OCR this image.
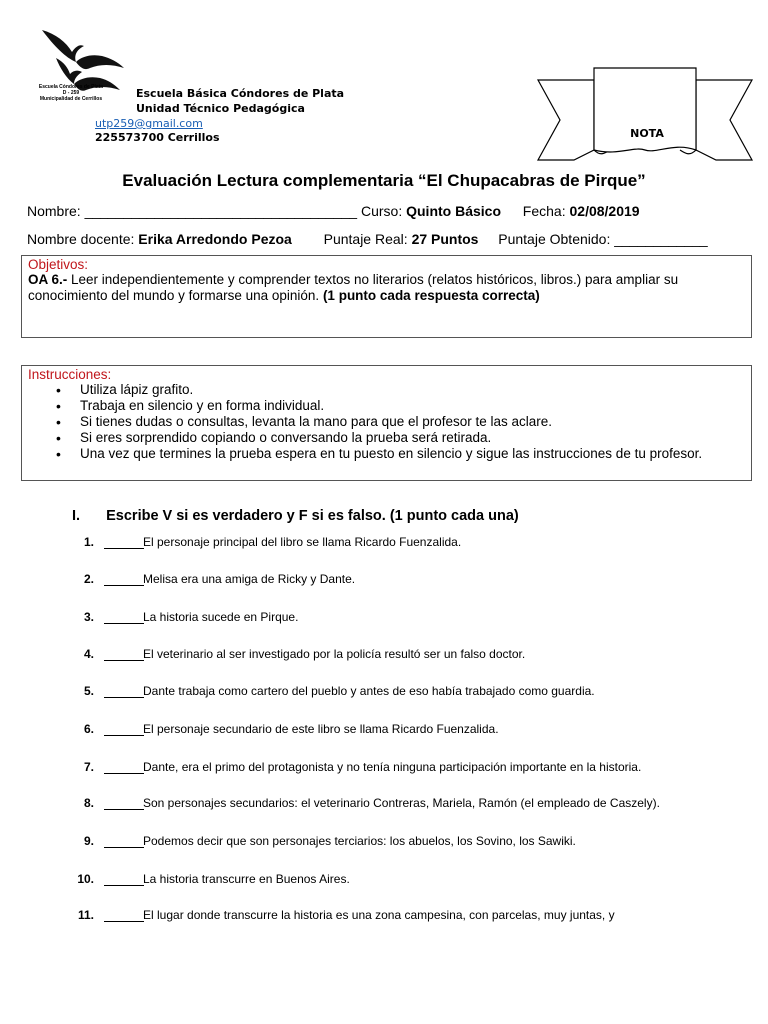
Escuela Cóndores de Plata
D - 259
Municipalidad de Cerrillos	Escuela Básica Cóndores de Plata
Unidad Técnico Pedagógica
utp259@gmail.com
225573700 Cerrillos	NOTA
Evaluación Lectura complementaria “El Chupacabras de Pirque”
Nombre: ___________________________________ Curso: Quinto Básico Fecha: 02/08/2019
Nombre docente: Erika Arredondo Pezoa Puntaje Real: 27 Puntos Puntaje Obtenido: ____________
Objetivos:
OA 6.- Leer independientemente y comprender textos no literarios (relatos históricos, libros.) para ampliar su conocimiento del mundo y formarse una opinión. (1 punto cada respuesta correcta)
Instrucciones:
• Utiliza lápiz grafito.
• Trabaja en silencio y en forma individual.
• Si tienes dudas o consultas, levanta la mano para que el profesor te las aclare.
• Si eres sorprendido copiando o conversando la prueba será retirada.
• Una vez que termines la prueba espera en tu puesto en silencio y sigue las instrucciones de tu profesor.
I. Escribe V si es verdadero y F si es falso. (1 punto cada una)
1.	El personaje principal del libro se llama Ricardo Fuenzalida.
2.	Melisa era una amiga de Ricky y Dante.
3.	La historia sucede en Pirque.
4.	El veterinario al ser investigado por la policía resultó ser un falso doctor.
5.	Dante trabaja como cartero del pueblo y antes de eso había trabajado como guardia.
6.	El personaje secundario de este libro se llama Ricardo Fuenzalida.
7.	Dante, era el primo del protagonista y no tenía ninguna participación importante en la historia.
8.	Son personajes secundarios: el veterinario Contreras, Mariela, Ramón (el empleado de Caszely).
9.	Podemos decir que son personajes terciarios: los abuelos, los Sovino, los Sawiki.
10.	La historia transcurre en Buenos Aires.
11.	El lugar donde transcurre la historia es una zona campesina, con parcelas, muy juntas, y
